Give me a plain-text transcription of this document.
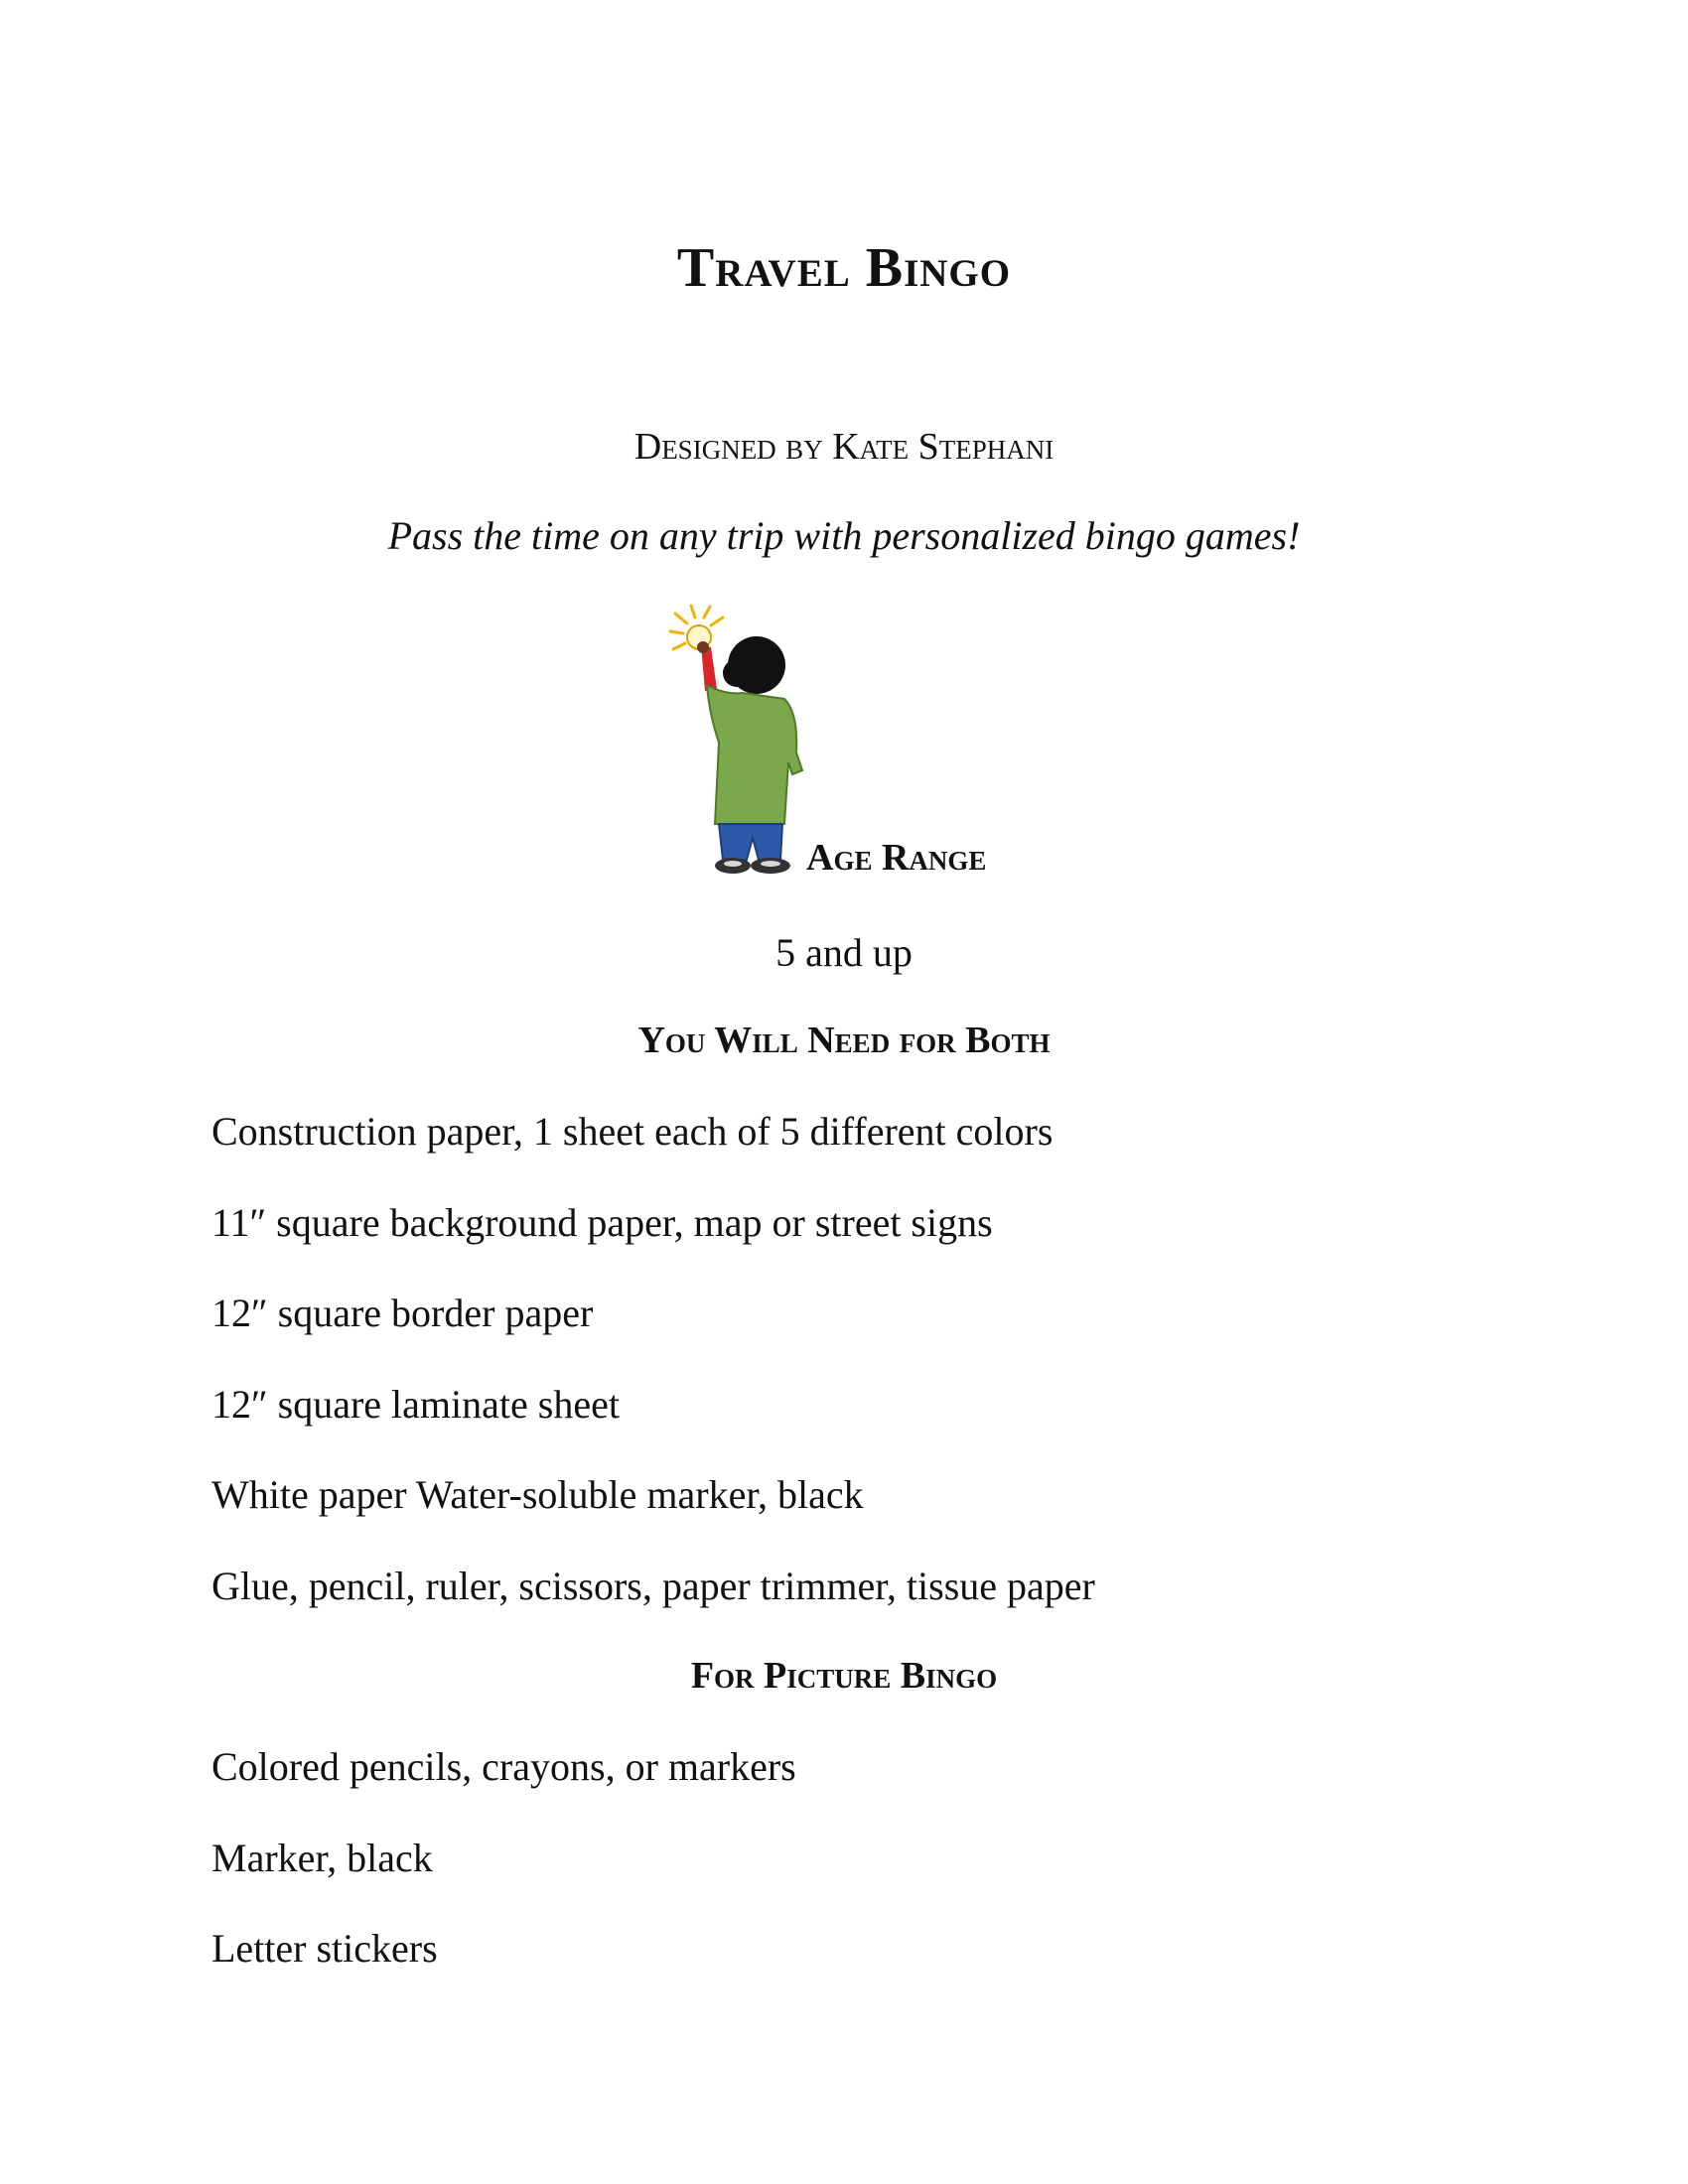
Travel Bingo

Designed by Kate Stephani

Pass the time on any trip with personalized bingo games!

Age Range

5 and up

You Will Need for Both
Construction paper, 1 sheet each of 5 different colors
11″ square background paper, map or street signs
12″ square border paper
12″ square laminate sheet
White paper Water-soluble marker, black
Glue, pencil, ruler, scissors, paper trimmer, tissue paper
For Picture Bingo
Colored pencils, crayons, or markers
Marker, black
Letter stickers
